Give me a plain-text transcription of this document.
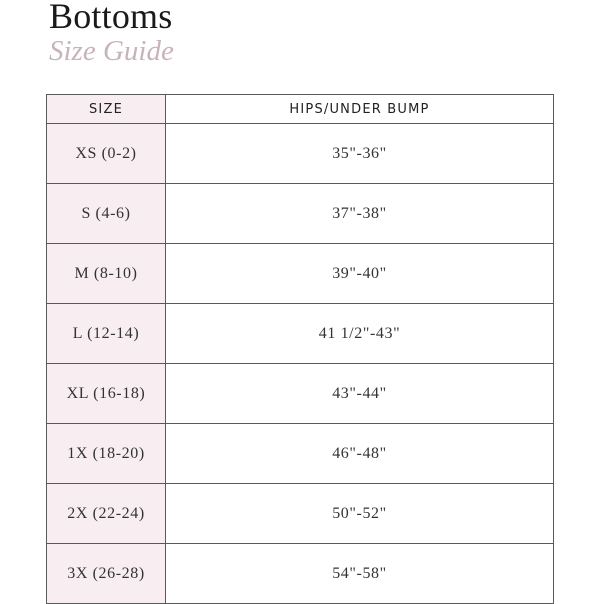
Bottoms
Size Guide
SIZE	HIPS/UNDER BUMP
XS (0-2)	35"-36"
S (4-6)	37"-38"
M (8-10)	39"-40"
L (12-14)	41 1/2"-43"
XL (16-18)	43"-44"
1X (18-20)	46"-48"
2X (22-24)	50"-52"
3X (26-28)	54"-58"
